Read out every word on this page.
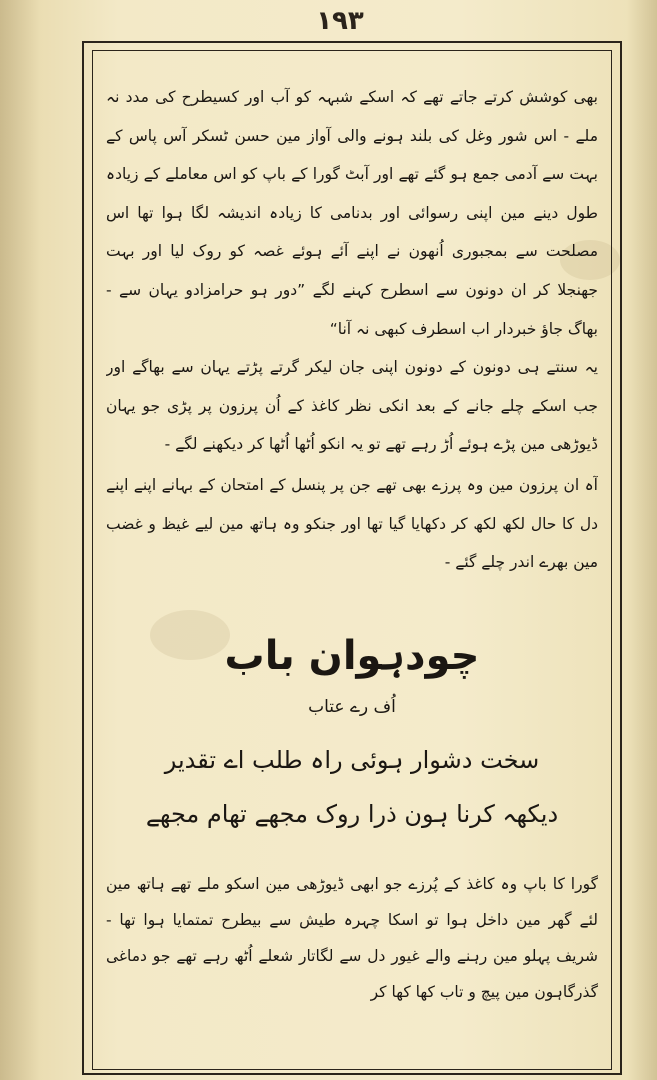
۱۹۳

بھی کوشش کرتے جاتے تھے کہ اسکے شبہہ کو آب اور کسیطرح کی مدد نہ ملے - اس شور وغل کی بلند ہونے والی آواز مین حسن ٹسکر آس پاس کے بہت سے آدمی جمع ہو گئے تھے اور آبٹ گورا کے باپ کو اس معاملے کے زیادہ طول دینے مین اپنی رسوائی اور بدنامی کا زیادہ اندیشہ لگا ہوا تھا اس مصلحت سے بمجبوری اُنھون نے اپنے آئے ہوئے غصہ کو روک لیا اور بہت جھنجلا کر ان دونون سے اسطرح کہنے لگے ”دور ہو حرامزادو یہان سے - بھاگ جاؤ خبردار اب اسطرف کبھی نہ آنا“

یہ سنتے ہی دونون کے دونون اپنی جان لیکر گرتے پڑتے یہان سے بھاگے اور جب اسکے چلے جانے کے بعد انکی نظر کاغذ کے اُن پرزون پر پڑی جو یہان ڈیوڑھی مین پڑے ہوئے اُڑ رہے تھے تو یہ انکو اُٹھا اُٹھا کر دیکھنے لگے -

آہ ان پرزون مین وہ پرزے بھی تھے جن پر پنسل کے امتحان کے بہانے اپنے اپنے دل کا حال لکھ لکھ کر دکھایا گیا تھا اور جنکو وہ ہاتھ مین لیے غیظ و غضب مین بھرے اندر چلے گئے -

چودہوان باب
اُف رے عتاب
سخت دشوار ہوئی راہ طلب اے تقدیر
دیکھہ کرنا ہون ذرا روک مجھے تھام مجھے

گورا کا باپ وہ کاغذ کے پُرزے جو ابھی ڈیوڑھی مین اسکو ملے تھے ہاتھ مین لئے گھر مین داخل ہوا تو اسکا چہرہ طیش سے بیطرح تمتمایا ہوا تھا - شریف پہلو مین رہنے والے غیور دل سے لگاتار شعلے اُٹھ رہے تھے جو دماغی گذرگاہون مین پیچ و تاب کھا کھا کر
